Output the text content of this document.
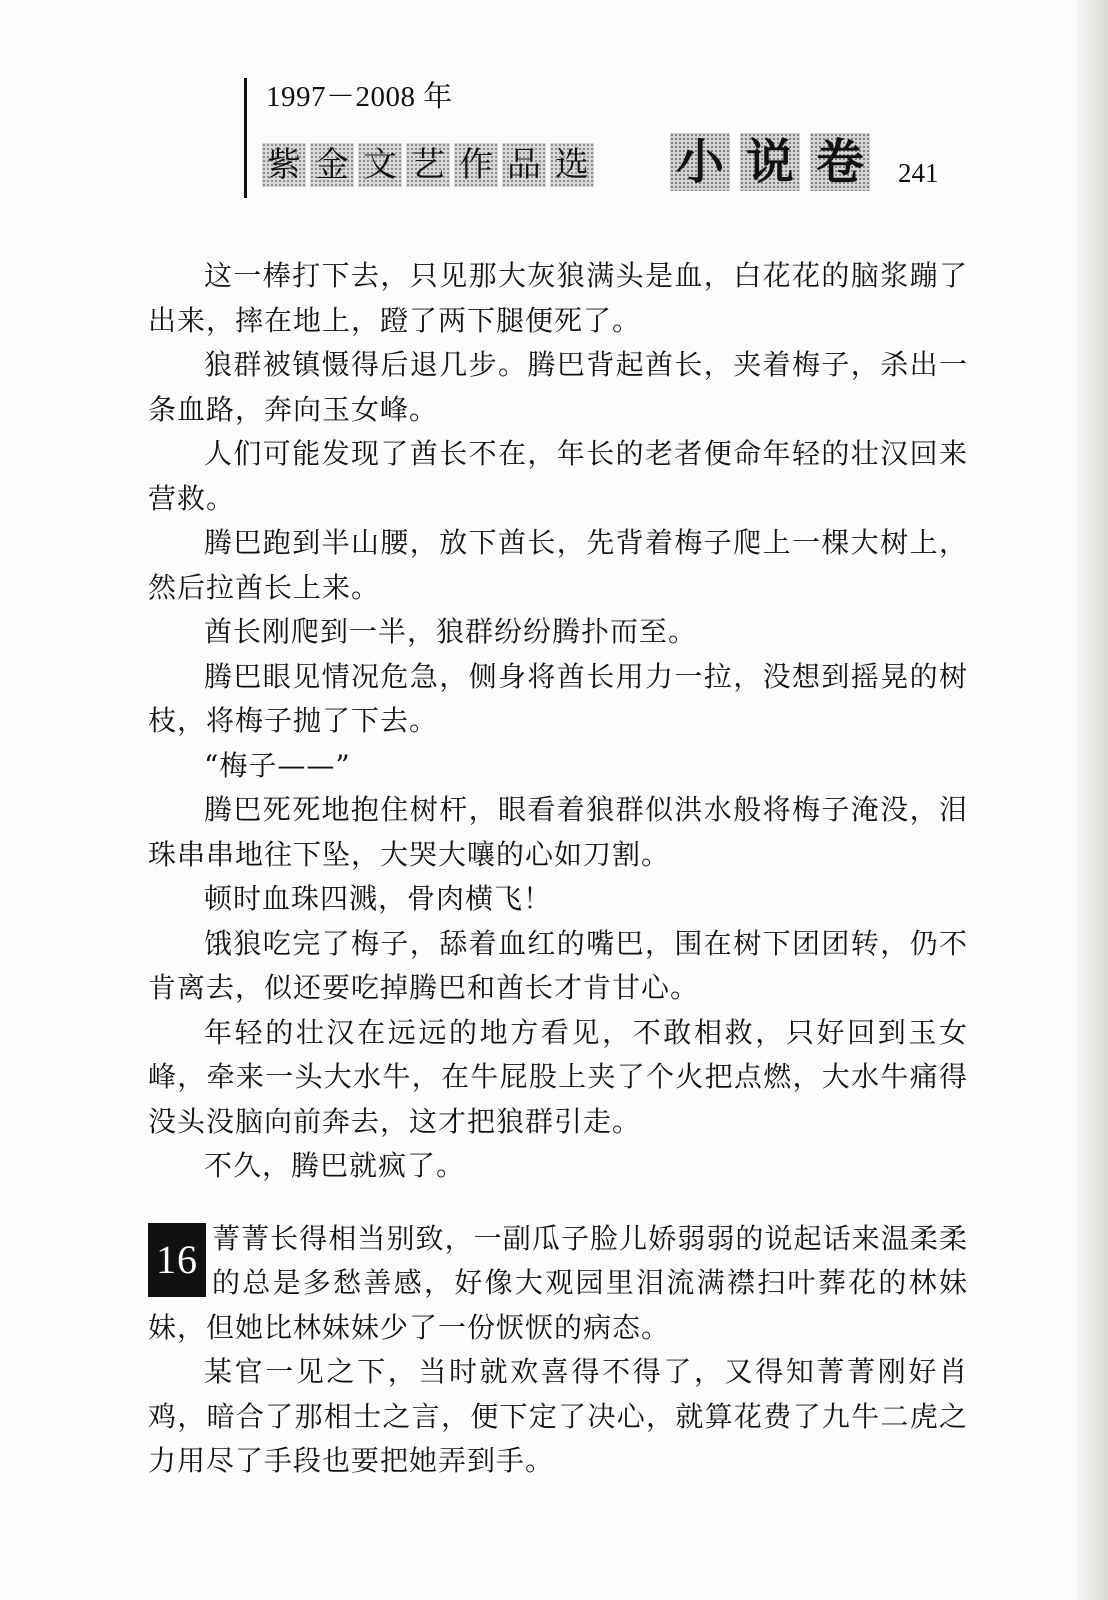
1997－2008 年
紫 金 文 艺 作 品 选 小 说 卷 241

这一棒打下去，只见那大灰狼满头是血，白花花的脑浆蹦了出来，摔在地上，蹬了两下腿便死了。

狼群被镇慑得后退几步。腾巴背起酋长，夹着梅子，杀出一条血路，奔向玉女峰。

人们可能发现了酋长不在，年长的老者便命年轻的壮汉回来营救。

腾巴跑到半山腰，放下酋长，先背着梅子爬上一棵大树上，然后拉酋长上来。

酋长刚爬到一半，狼群纷纷腾扑而至。

腾巴眼见情况危急，侧身将酋长用力一拉，没想到摇晃的树枝，将梅子抛了下去。

“梅子——”

腾巴死死地抱住树杆，眼看着狼群似洪水般将梅子淹没，泪珠串串地往下坠，大哭大嚷的心如刀割。

顿时血珠四溅，骨肉横飞！

饿狼吃完了梅子，舔着血红的嘴巴，围在树下团团转，仍不肯离去，似还要吃掉腾巴和酋长才肯甘心。

年轻的壮汉在远远的地方看见，不敢相救，只好回到玉女峰，牵来一头大水牛，在牛屁股上夹了个火把点燃，大水牛痛得没头没脑向前奔去，这才把狼群引走。

不久，腾巴就疯了。

16 菁菁长得相当别致，一副瓜子脸儿娇弱弱的说起话来温柔柔的总是多愁善感，好像大观园里泪流满襟扫叶葬花的林妹妹，但她比林妹妹少了一份恹恹的病态。

某官一见之下，当时就欢喜得不得了，又得知菁菁刚好肖鸡，暗合了那相士之言，便下定了决心，就算花费了九牛二虎之力用尽了手段也要把她弄到手。
